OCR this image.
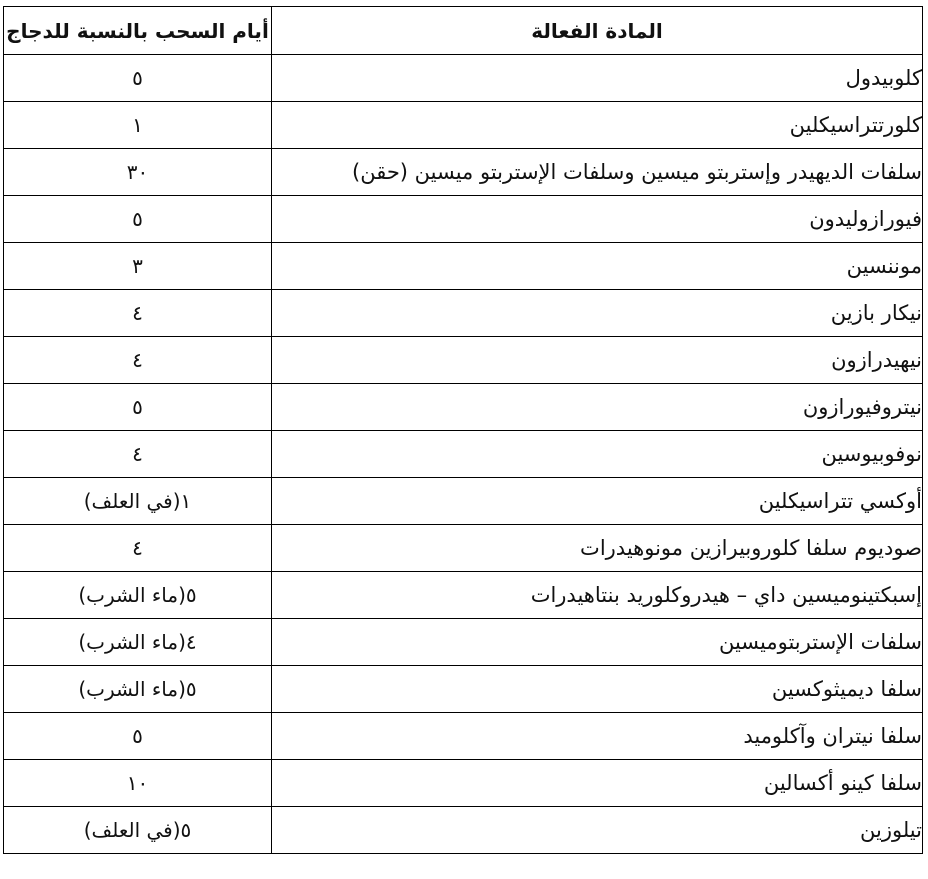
المادة الفعالة	أيام السحب بالنسبة للدجاج
كلوبيدول	٥
كلورتتراسيكلين	١
سلفات الديهيدر وإستربتو ميسين وسلفات الإستربتو ميسين (حقن)	٣٠
فيورازوليدون	٥
موننسين	٣
نيكار بازين	٤
نيهيدرازون	٤
نيتروفيورازون	٥
نوفوبيوسين	٤
أوكسي تتراسيكلين	١(في العلف)
صوديوم سلفا كلوروبيرازين مونوهيدرات	٤
إسبكتينوميسين داي – هيدروكلوريد بنتاهيدرات	٥(ماء الشرب)
سلفات الإستربتوميسين	٤(ماء الشرب)
سلفا ديميثوكسين	٥(ماء الشرب)
سلفا نيتران وآكلوميد	٥
سلفا كينو أكسالين	١٠
تيلوزين	٥(في العلف)
